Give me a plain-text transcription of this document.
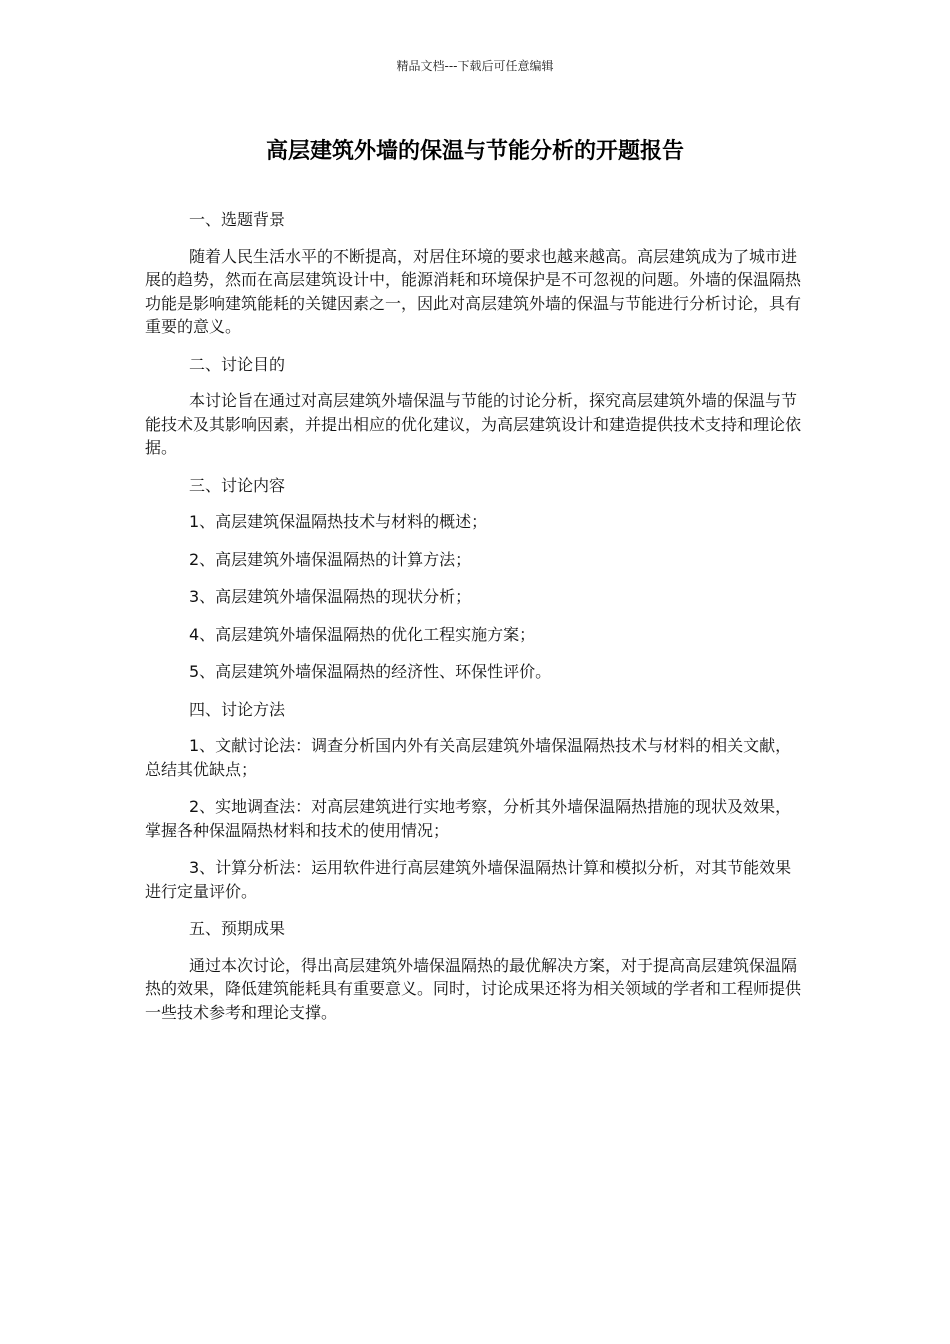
精品文档---下载后可任意编辑
高层建筑外墙的保温与节能分析的开题报告

一、选题背景

随着人民生活水平的不断提高，对居住环境的要求也越来越高。高层建筑成为了城市进展的趋势，然而在高层建筑设计中，能源消耗和环境保护是不可忽视的问题。外墙的保温隔热功能是影响建筑能耗的关键因素之一，因此对高层建筑外墙的保温与节能进行分析讨论，具有重要的意义。

二、讨论目的

本讨论旨在通过对高层建筑外墙保温与节能的讨论分析，探究高层建筑外墙的保温与节能技术及其影响因素，并提出相应的优化建议，为高层建筑设计和建造提供技术支持和理论依据。

三、讨论内容

1、高层建筑保温隔热技术与材料的概述；

2、高层建筑外墙保温隔热的计算方法；

3、高层建筑外墙保温隔热的现状分析；

4、高层建筑外墙保温隔热的优化工程实施方案；

5、高层建筑外墙保温隔热的经济性、环保性评价。

四、讨论方法

1、文献讨论法：调查分析国内外有关高层建筑外墙保温隔热技术与材料的相关文献，总结其优缺点；

2、实地调查法：对高层建筑进行实地考察，分析其外墙保温隔热措施的现状及效果，掌握各种保温隔热材料和技术的使用情况；

3、计算分析法：运用软件进行高层建筑外墙保温隔热计算和模拟分析，对其节能效果进行定量评价。

五、预期成果

通过本次讨论，得出高层建筑外墙保温隔热的最优解决方案，对于提高高层建筑保温隔热的效果，降低建筑能耗具有重要意义。同时，讨论成果还将为相关领域的学者和工程师提供一些技术参考和理论支撑。
